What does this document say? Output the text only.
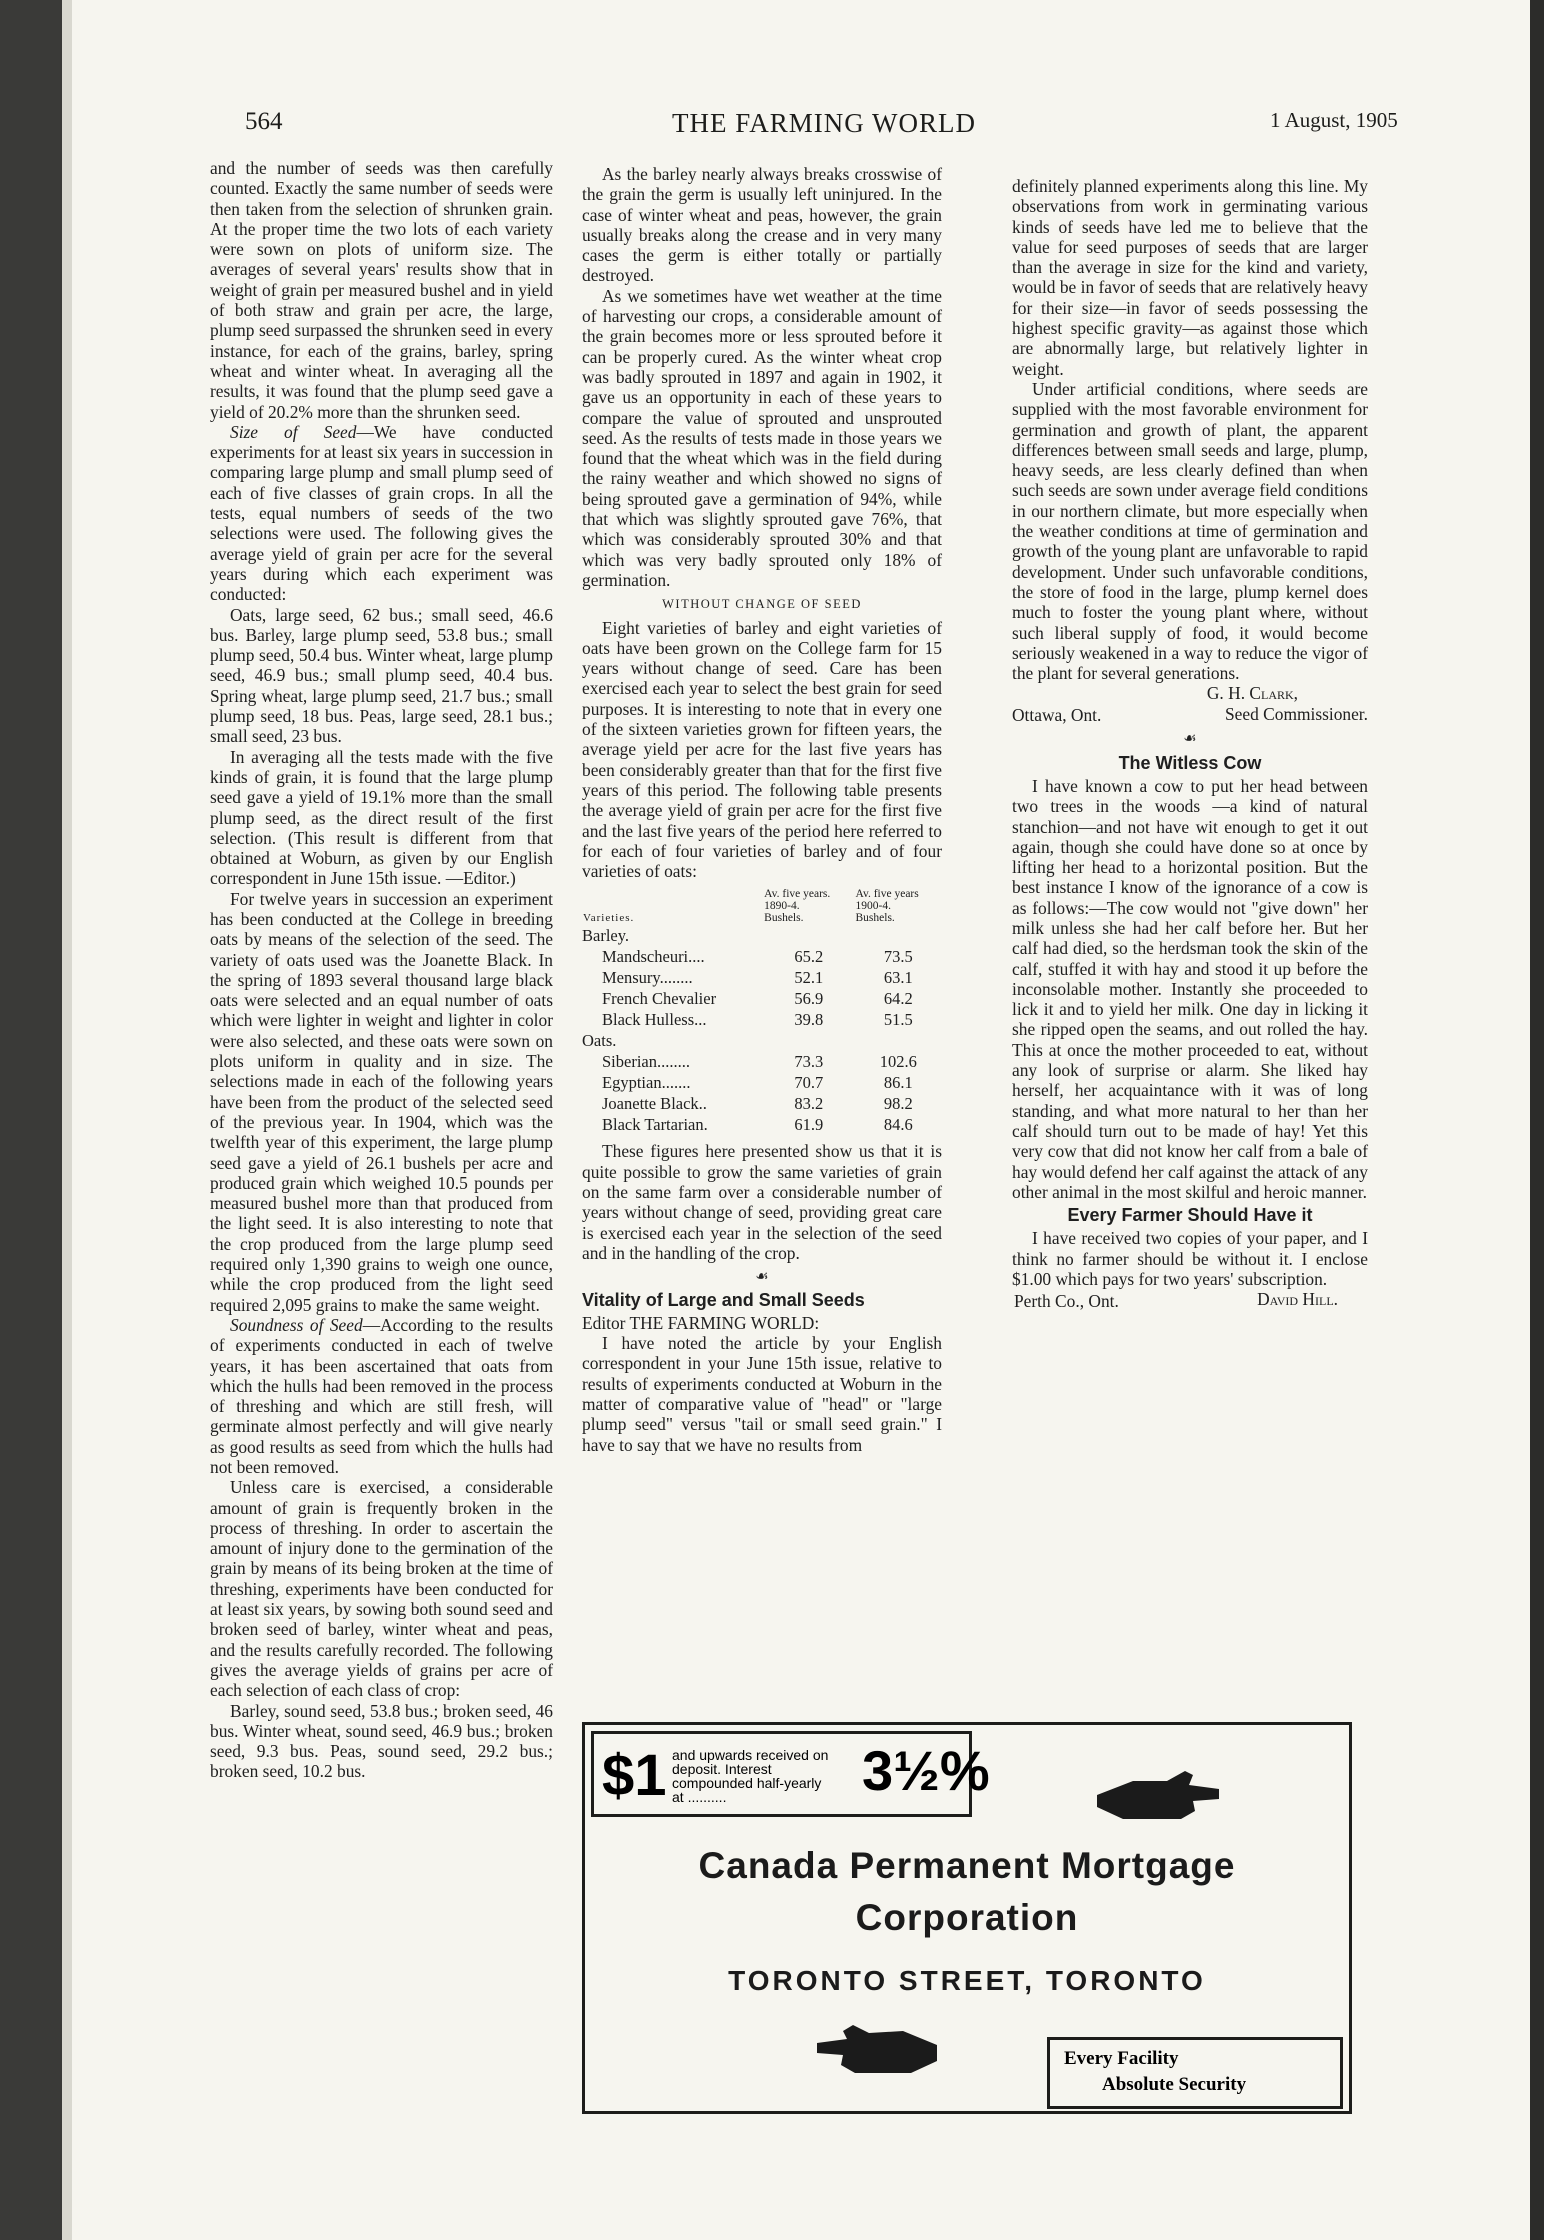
564	THE FARMING WORLD	1 August, 1905

and the number of seeds was then carefully counted. Exactly the same number of seeds were then taken from the selection of shrunken grain. At the proper time the two lots of each variety were sown on plots of uniform size. The averages of several years' results show that in weight of grain per measured bushel and in yield of both straw and grain per acre, the large, plump seed surpassed the shrunken seed in every instance, for each of the grains, barley, spring wheat and winter wheat. In averaging all the results, it was found that the plump seed gave a yield of 20.2% more than the shrunken seed.

Size of Seed—We have conducted experiments for at least six years in succession in comparing large plump and small plump seed of each of five classes of grain crops. In all the tests, equal numbers of seeds of the two selections were used. The following gives the average yield of grain per acre for the several years during which each experiment was conducted:

Oats, large seed, 62 bus.; small seed, 46.6 bus. Barley, large plump seed, 53.8 bus.; small plump seed, 50.4 bus. Winter wheat, large plump seed, 46.9 bus.; small plump seed, 40.4 bus. Spring wheat, large plump seed, 21.7 bus.; small plump seed, 18 bus. Peas, large seed, 28.1 bus.; small seed, 23 bus.

In averaging all the tests made with the five kinds of grain, it is found that the large plump seed gave a yield of 19.1% more than the small plump seed, as the direct result of the first selection. (This result is different from that obtained at Woburn, as given by our English correspondent in June 15th issue. —Editor.)

For twelve years in succession an experiment has been conducted at the College in breeding oats by means of the selection of the seed. The variety of oats used was the Joanette Black. In the spring of 1893 several thousand large black oats were selected and an equal number of oats which were lighter in weight and lighter in color were also selected, and these oats were sown on plots uniform in quality and in size. The selections made in each of the following years have been from the product of the selected seed of the previous year. In 1904, which was the twelfth year of this experiment, the large plump seed gave a yield of 26.1 bushels per acre and produced grain which weighed 10.5 pounds per measured bushel more than that produced from the light seed. It is also interesting to note that the crop produced from the large plump seed required only 1,390 grains to weigh one ounce, while the crop produced from the light seed required 2,095 grains to make the same weight.

Soundness of Seed—According to the results of experiments conducted in each of twelve years, it has been ascertained that oats from which the hulls had been removed in the process of threshing and which are still fresh, will germinate almost perfectly and will give nearly as good results as seed from which the hulls had not been removed.

Unless care is exercised, a considerable amount of grain is frequently broken in the process of threshing. In order to ascertain the amount of injury done to the germination of the grain by means of its being broken at the time of threshing, experiments have been conducted for at least six years, by sowing both sound seed and broken seed of barley, winter wheat and peas, and the results carefully recorded. The following gives the average yields of grains per acre of each selection of each class of crop:

Barley, sound seed, 53.8 bus.; broken seed, 46 bus. Winter wheat, sound seed, 46.9 bus.; broken seed, 9.3 bus. Peas, sound seed, 29.2 bus.; broken seed, 10.2 bus.

As the barley nearly always breaks crosswise of the grain the germ is usually left uninjured. In the case of winter wheat and peas, however, the grain usually breaks along the crease and in very many cases the germ is either totally or partially destroyed.

As we sometimes have wet weather at the time of harvesting our crops, a considerable amount of the grain becomes more or less sprouted before it can be properly cured. As the winter wheat crop was badly sprouted in 1897 and again in 1902, it gave us an opportunity in each of these years to compare the value of sprouted and unsprouted seed. As the results of tests made in those years we found that the wheat which was in the field during the rainy weather and which showed no signs of being sprouted gave a germination of 94%, while that which was slightly sprouted gave 76%, that which was considerably sprouted 30% and that which was very badly sprouted only 18% of germination.

WITHOUT CHANGE OF SEED

Eight varieties of barley and eight varieties of oats have been grown on the College farm for 15 years without change of seed. Care has been exercised each year to select the best grain for seed purposes. It is interesting to note that in every one of the sixteen varieties grown for fifteen years, the average yield per acre for the last five years has been considerably greater than that for the first five years of this period. The following table presents the average yield of grain per acre for the first five and the last five years of the period here referred to for each of four varieties of barley and of four varieties of oats:

Varieties.	Av. five years.
1890-4.
Bushels.	Av. five years
1900-4.
Bushels.
Barley.		
Mandscheuri....	65.2	73.5
Mensury........	52.1	63.1
French Chevalier	56.9	64.2
Black Hulless...	39.8	51.5
Oats.		
Siberian........	73.3	102.6
Egyptian.......	70.7	86.1
Joanette Black..	83.2	98.2
Black Tartarian.	61.9	84.6

These figures here presented show us that it is quite possible to grow the same varieties of grain on the same farm over a considerable number of years without change of seed, providing great care is exercised each year in the selection of the seed and in the handling of the crop.

☙
Vitality of Large and Small Seeds

Editor THE FARMING WORLD:

I have noted the article by your English correspondent in your June 15th issue, relative to results of experiments conducted at Woburn in the matter of comparative value of "head" or "large plump seed" versus "tail or small seed grain." I have to say that we have no results from

definitely planned experiments along this line. My observations from work in germinating various kinds of seeds have led me to believe that the value for seed purposes of seeds that are larger than the average in size for the kind and variety, would be in favor of seeds that are relatively heavy for their size—in favor of seeds possessing the highest specific gravity—as against those which are abnormally large, but relatively lighter in weight.

Under artificial conditions, where seeds are supplied with the most favorable environment for germination and growth of plant, the apparent differences between small seeds and large, plump, heavy seeds, are less clearly defined than when such seeds are sown under average field conditions in our northern climate, but more especially when the weather conditions at time of germination and growth of the young plant are unfavorable to rapid development. Under such unfavorable conditions, the store of food in the large, plump kernel does much to foster the young plant where, without such liberal supply of food, it would become seriously weakened in a way to reduce the vigor of the plant for several generations.

G. H. Clark,
Seed Commissioner.
Ottawa, Ont.
☙
The Witless Cow

I have known a cow to put her head between two trees in the woods —a kind of natural stanchion—and not have wit enough to get it out again, though she could have done so at once by lifting her head to a horizontal position. But the best instance I know of the ignorance of a cow is as follows:—The cow would not "give down" her milk unless she had her calf before her. But her calf had died, so the herdsman took the skin of the calf, stuffed it with hay and stood it up before the inconsolable mother. Instantly she proceeded to lick it and to yield her milk. One day in licking it she ripped open the seams, and out rolled the hay. This at once the mother proceeded to eat, without any look of surprise or alarm. She liked hay herself, her acquaintance with it was of long standing, and what more natural to her than her calf should turn out to be made of hay! Yet this very cow that did not know her calf from a bale of hay would defend her calf against the attack of any other animal in the most skilful and heroic manner.

Every Farmer Should Have it

I have received two copies of your paper, and I think no farmer should be without it. I enclose $1.00 which pays for two years' subscription.

David Hill.
Perth Co., Ont.
$1 and upwards received on deposit. Interest compounded half-yearly at ..........	3½%
Canada Permanent Mortgage
Corporation
TORONTO STREET, TORONTO
Every Facility
Absolute Security
